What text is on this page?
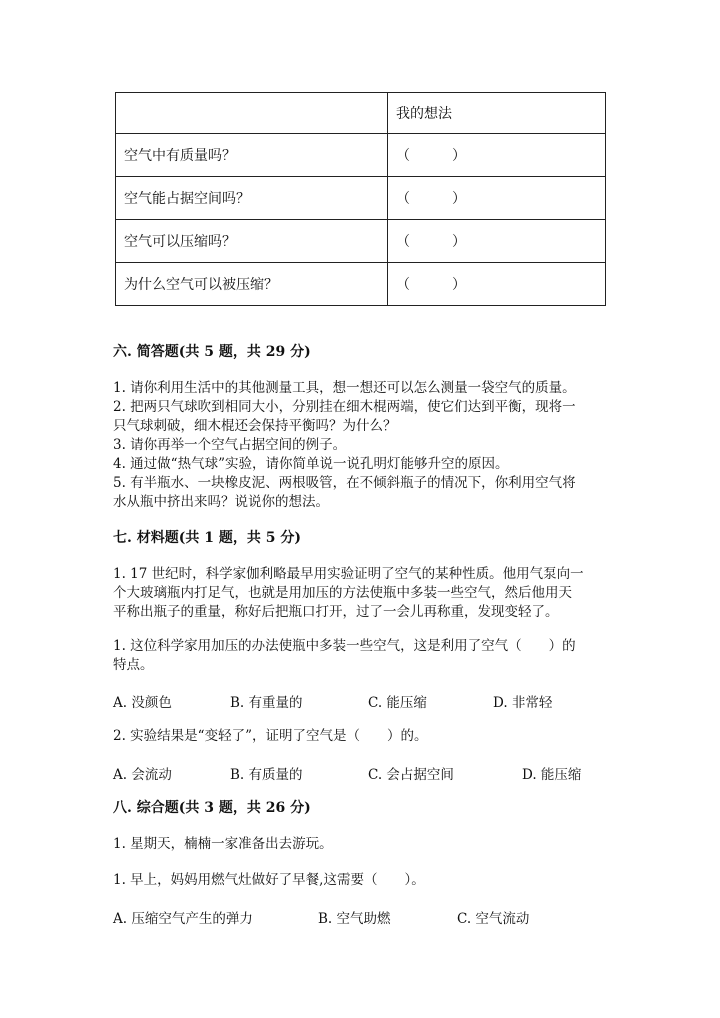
	我的想法
空气中有质量吗？	（　　　）
空气能占据空间吗？	（　　　）
空气可以压缩吗？	（　　　）
为什么空气可以被压缩？	（　　　）
六. 简答题(共 5 题，共 29 分)
1. 请你利用生活中的其他测量工具，想一想还可以怎么测量一袋空气的质量。
2. 把两只气球吹到相同大小，分别挂在细木棍两端，使它们达到平衡，现将一
只气球刺破，细木棍还会保持平衡吗？为什么？
3. 请你再举一个空气占据空间的例子。
4. 通过做“热气球”实验，请你简单说一说孔明灯能够升空的原因。
5. 有半瓶水、一块橡皮泥、两根吸管，在不倾斜瓶子的情况下，你利用空气将
水从瓶中挤出来吗？说说你的想法。
七. 材料题(共 1 题，共 5 分)
1. 17 世纪时，科学家伽利略最早用实验证明了空气的某种性质。他用气泵向一
个大玻璃瓶内打足气，也就是用加压的方法使瓶中多装一些空气，然后他用天
平称出瓶子的重量，称好后把瓶口打开，过了一会儿再称重，发现变轻了。
1. 这位科学家用加压的办法使瓶中多装一些空气，这是利用了空气（　　）的
特点。
A. 没颜色	B. 有重量的	C. 能压缩	D. 非常轻
2. 实验结果是“变轻了”，证明了空气是（　　）的。
A. 会流动	B. 有质量的	C. 会占据空间	D. 能压缩
八. 综合题(共 3 题，共 26 分)
1. 星期天，楠楠一家准备出去游玩。
1. 早上，妈妈用燃气灶做好了早餐,这需要（　　）。
A. 压缩空气产生的弹力	B. 空气助燃	C. 空气流动
